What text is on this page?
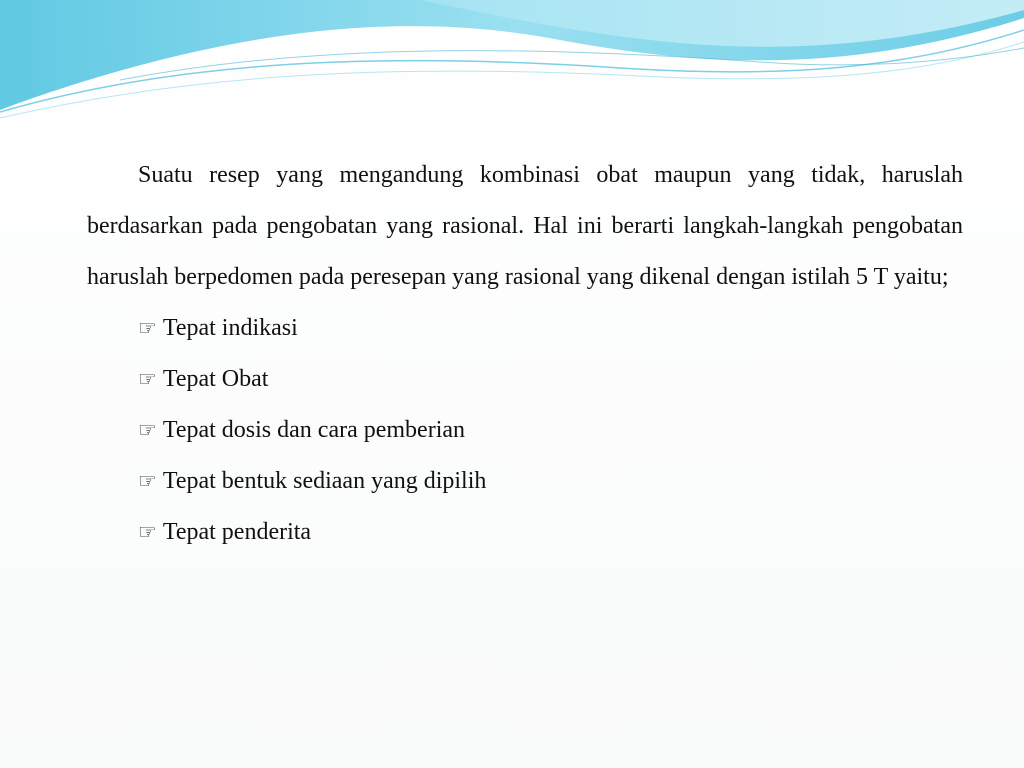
Suatu resep yang mengandung kombinasi obat maupun yang tidak, haruslah berdasarkan pada pengobatan yang rasional. Hal ini berarti langkah-langkah pengobatan haruslah berpedomen pada peresepan yang rasional yang dikenal dengan istilah 5 T yaitu;

☞ Tepat indikasi
☞ Tepat Obat
☞ Tepat dosis dan cara pemberian
☞ Tepat bentuk sediaan yang dipilih
☞ Tepat penderita
